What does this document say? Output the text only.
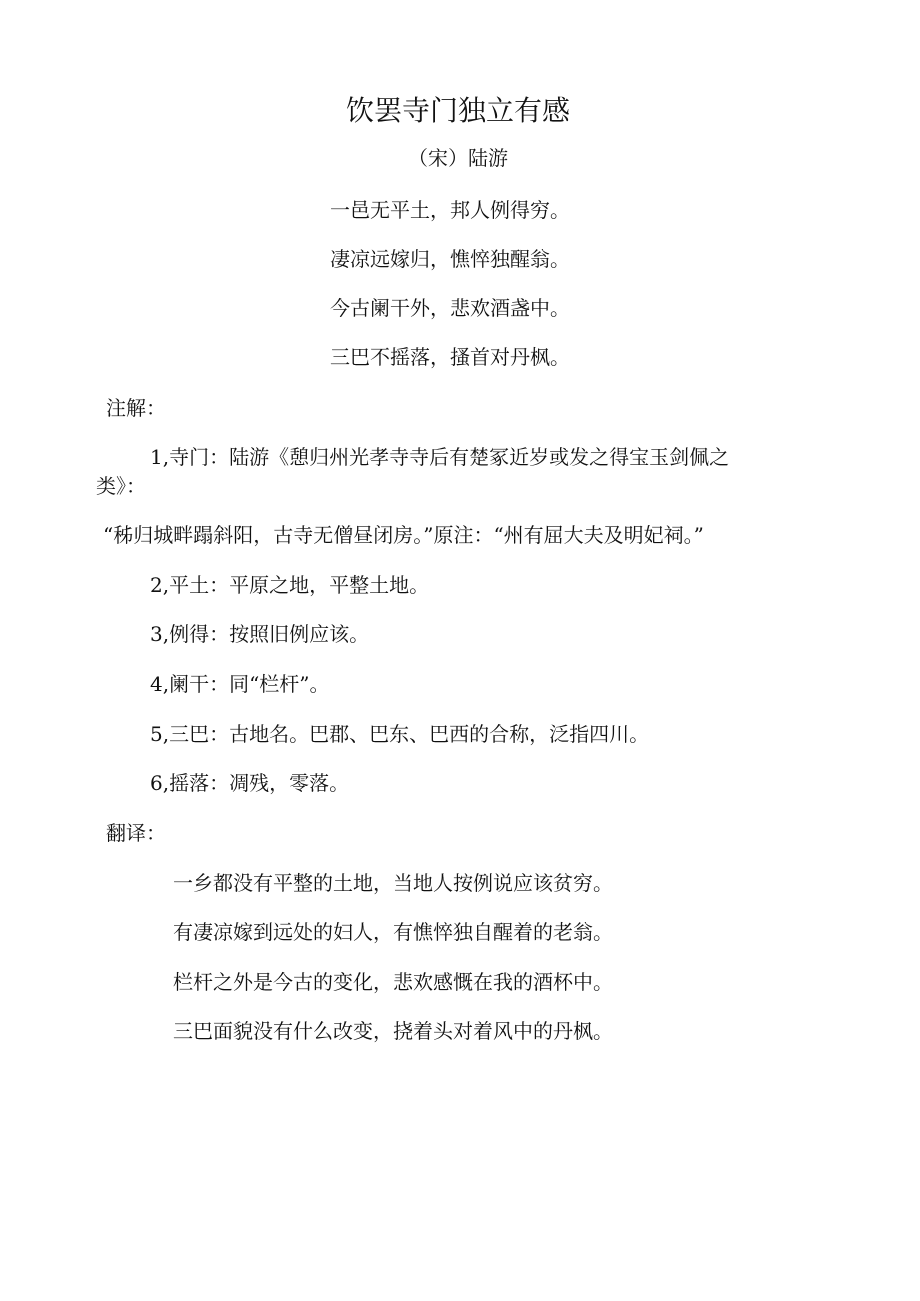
饮罢寺门独立有感
（宋）陆游
一邑无平土，邦人例得穷。
凄凉远嫁归，憔悴独醒翁。
今古阑干外，悲欢酒盏中。
三巴不摇落，搔首对丹枫。
注解：
1,寺门：陆游《憩归州光孝寺寺后有楚冢近岁或发之得宝玉剑佩之
类》：
“秭归城畔蹋斜阳，古寺无僧昼闭房。”原注：“州有屈大夫及明妃祠。”
2,平土：平原之地，平整土地。
3,例得：按照旧例应该。
4,阑干：同“栏杆”。
5,三巴：古地名。巴郡、巴东、巴西的合称，泛指四川。
6,摇落：凋残，零落。
翻译：
一乡都没有平整的土地，当地人按例说应该贫穷。
有凄凉嫁到远处的妇人，有憔悴独自醒着的老翁。
栏杆之外是今古的变化，悲欢感慨在我的酒杯中。
三巴面貌没有什么改变，挠着头对着风中的丹枫。
